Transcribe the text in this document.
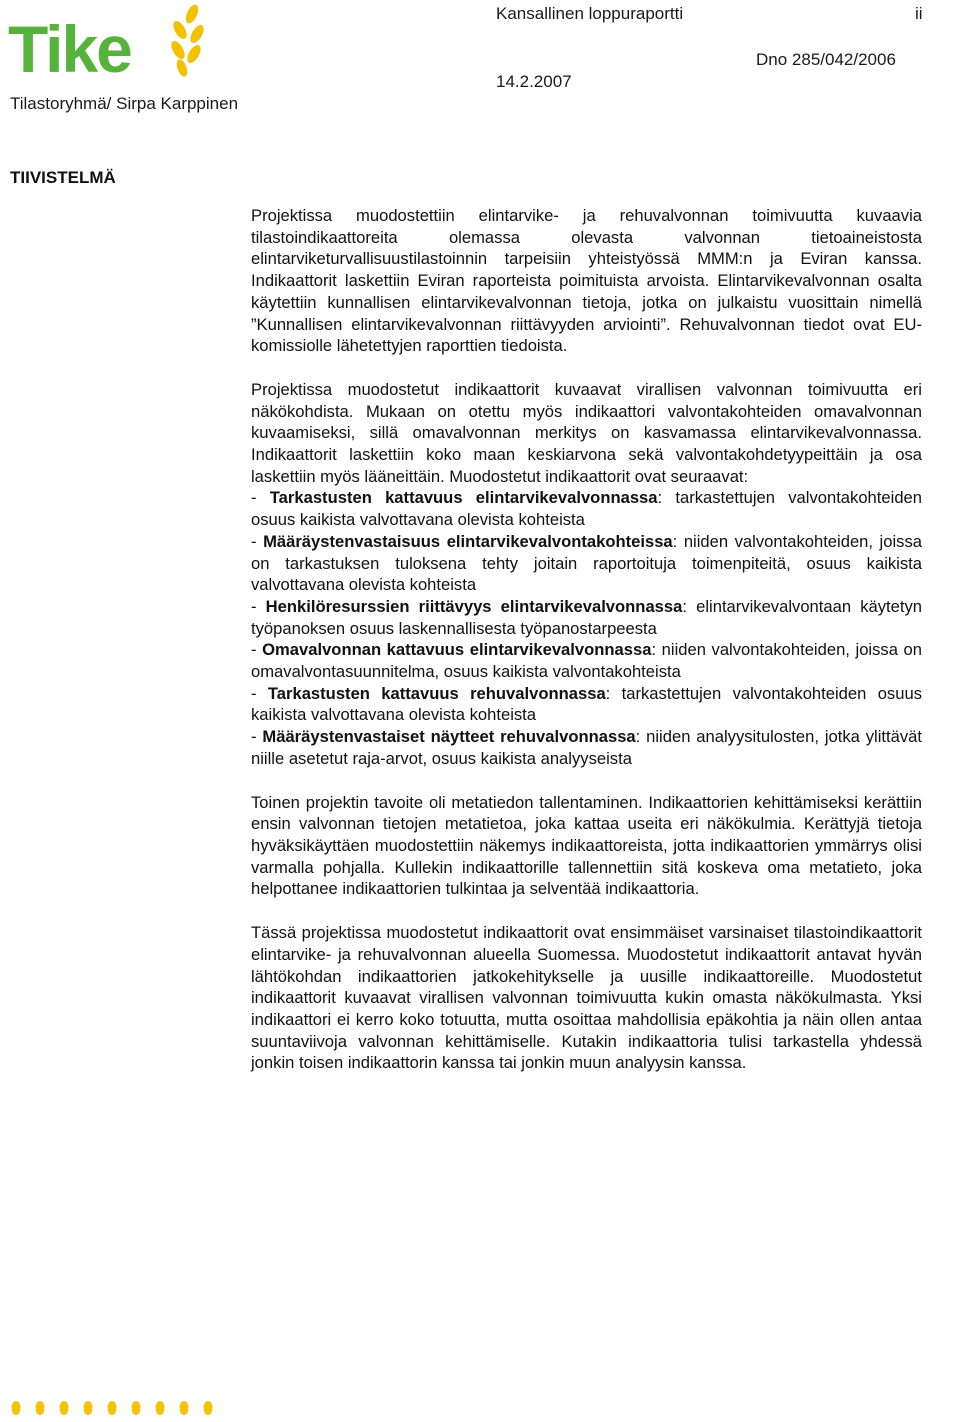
Tike	Kansallinen loppuraportti	ii
Dno 285/042/2006
14.2.2007
Tilastoryhmä/ Sirpa Karppinen
TIIVISTELMÄ

Projektissa muodostettiin elintarvike- ja rehuvalvonnan toimivuutta kuvaavia tilastoindikaattoreita olemassa olevasta valvonnan tietoaineistosta elintarviketurvallisuustilastoinnin tarpeisiin yhteistyössä MMM:n ja Eviran kanssa. Indikaattorit laskettiin Eviran raporteista poimituista arvoista. Elintarvikevalvonnan osalta käytettiin kunnallisen elintarvikevalvonnan tietoja, jotka on julkaistu vuosittain nimellä ”Kunnallisen elintarvikevalvonnan riittävyyden arviointi”. Rehuvalvonnan tiedot ovat EU-komissiolle lähetettyjen raporttien tiedoista.

Projektissa muodostetut indikaattorit kuvaavat virallisen valvonnan toimivuutta eri näkökohdista. Mukaan on otettu myös indikaattori valvontakohteiden omavalvonnan kuvaamiseksi, sillä omavalvonnan merkitys on kasvamassa elintarvikevalvonnassa. Indikaattorit laskettiin koko maan keskiarvona sekä valvontakohdetyypeittäin ja osa laskettiin myös lääneittäin. Muodostetut indikaattorit ovat seuraavat:
- Tarkastusten kattavuus elintarvikevalvonnassa: tarkastettujen valvontakohteiden osuus kaikista valvottavana olevista kohteista
- Määräystenvastaisuus elintarvikevalvontakohteissa: niiden valvontakohteiden, joissa on tarkastuksen tuloksena tehty joitain raportoituja toimenpiteitä, osuus kaikista valvottavana olevista kohteista
- Henkilöresurssien riittävyys elintarvikevalvonnassa: elintarvikevalvontaan käytetyn työpanoksen osuus laskennallisesta työpanostarpeesta
- Omavalvonnan kattavuus elintarvikevalvonnassa: niiden valvontakohteiden, joissa on omavalvontasuunnitelma, osuus kaikista valvontakohteista
- Tarkastusten kattavuus rehuvalvonnassa: tarkastettujen valvontakohteiden osuus kaikista valvottavana olevista kohteista
- Määräystenvastaiset näytteet rehuvalvonnassa: niiden analyysitulosten, jotka ylittävät niille asetetut raja-arvot, osuus kaikista analyyseista

Toinen projektin tavoite oli metatiedon tallentaminen. Indikaattorien kehittämiseksi kerättiin ensin valvonnan tietojen metatietoa, joka kattaa useita eri näkökulmia. Kerättyjä tietoja hyväksikäyttäen muodostettiin näkemys indikaattoreista, jotta indikaattorien ymmärrys olisi varmalla pohjalla. Kullekin indikaattorille tallennettiin sitä koskeva oma metatieto, joka helpottanee indikaattorien tulkintaa ja selventää indikaattoria.

Tässä projektissa muodostetut indikaattorit ovat ensimmäiset varsinaiset tilastoindikaattorit elintarvike- ja rehuvalvonnan alueella Suomessa. Muodostetut indikaattorit antavat hyvän lähtökohdan indikaattorien jatkokehitykselle ja uusille indikaattoreille. Muodostetut indikaattorit kuvaavat virallisen valvonnan toimivuutta kukin omasta näkökulmasta. Yksi indikaattori ei kerro koko totuutta, mutta osoittaa mahdollisia epäkohtia ja näin ollen antaa suuntaviivoja valvonnan kehittämiselle. Kutakin indikaattoria tulisi tarkastella yhdessä jonkin toisen indikaattorin kanssa tai jonkin muun analyysin kanssa.
